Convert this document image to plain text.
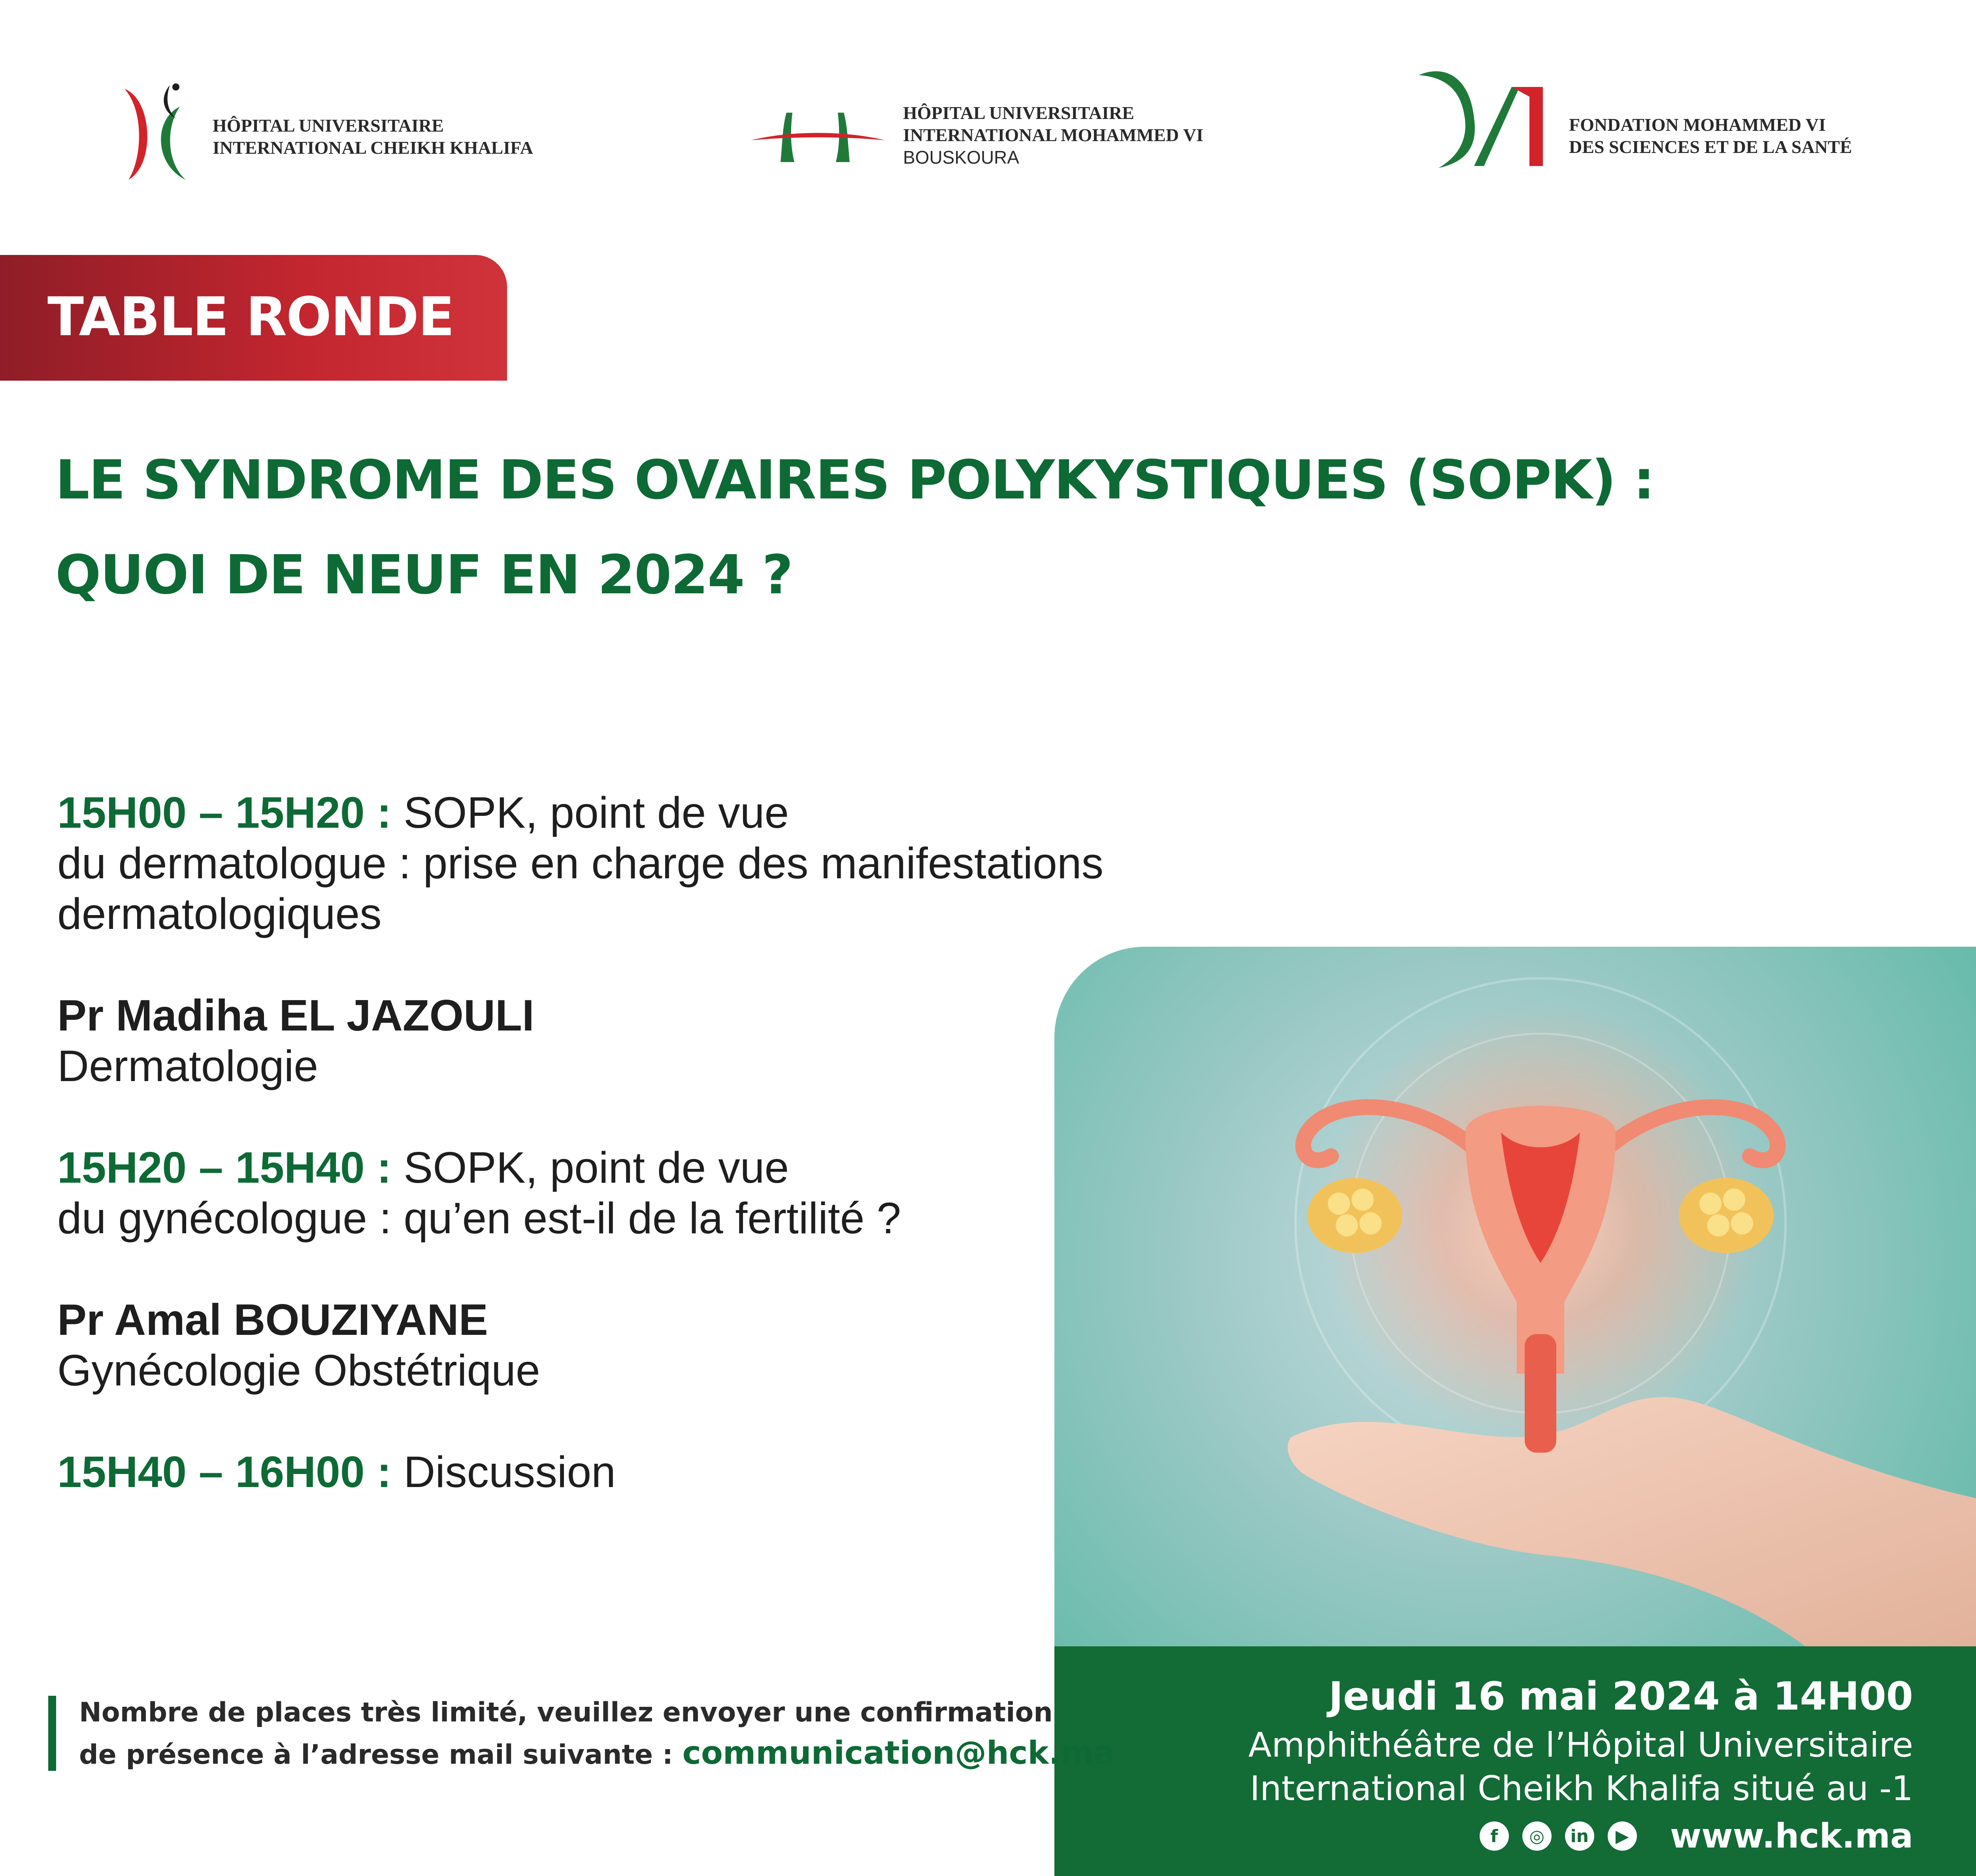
HÔPITAL UNIVERSITAIRE
INTERNATIONAL CHEIKH KHALIFA
HÔPITAL UNIVERSITAIRE
INTERNATIONAL MOHAMMED VI
BOUSKOURA
FONDATION MOHAMMED VI
DES SCIENCES ET DE LA SANTÉ
TABLE RONDE
LE SYNDROME DES OVAIRES POLYKYSTIQUES (SOPK) :
QUOI DE NEUF EN 2024 ?
15H00 – 15H20 : SOPK, point de vue
du dermatologue : prise en charge des manifestations
dermatologiques
Pr Madiha EL JAZOULI
Dermatologie
15H20 – 15H40 : SOPK, point de vue
du gynécologue : qu’en est-il de la fertilité ?
Pr Amal BOUZIYANE
Gynécologie Obstétrique
15H40 – 16H00 : Discussion
Jeudi 16 mai 2024 à 14H00
Amphithéâtre de l’Hôpital Universitaire
International Cheikh Khalifa situé au -1
f	◎	in	▶ www.hck.ma
Nombre de places très limité, veuillez envoyer une confirmation
de présence à l’adresse mail suivante : communication@hck.ma
